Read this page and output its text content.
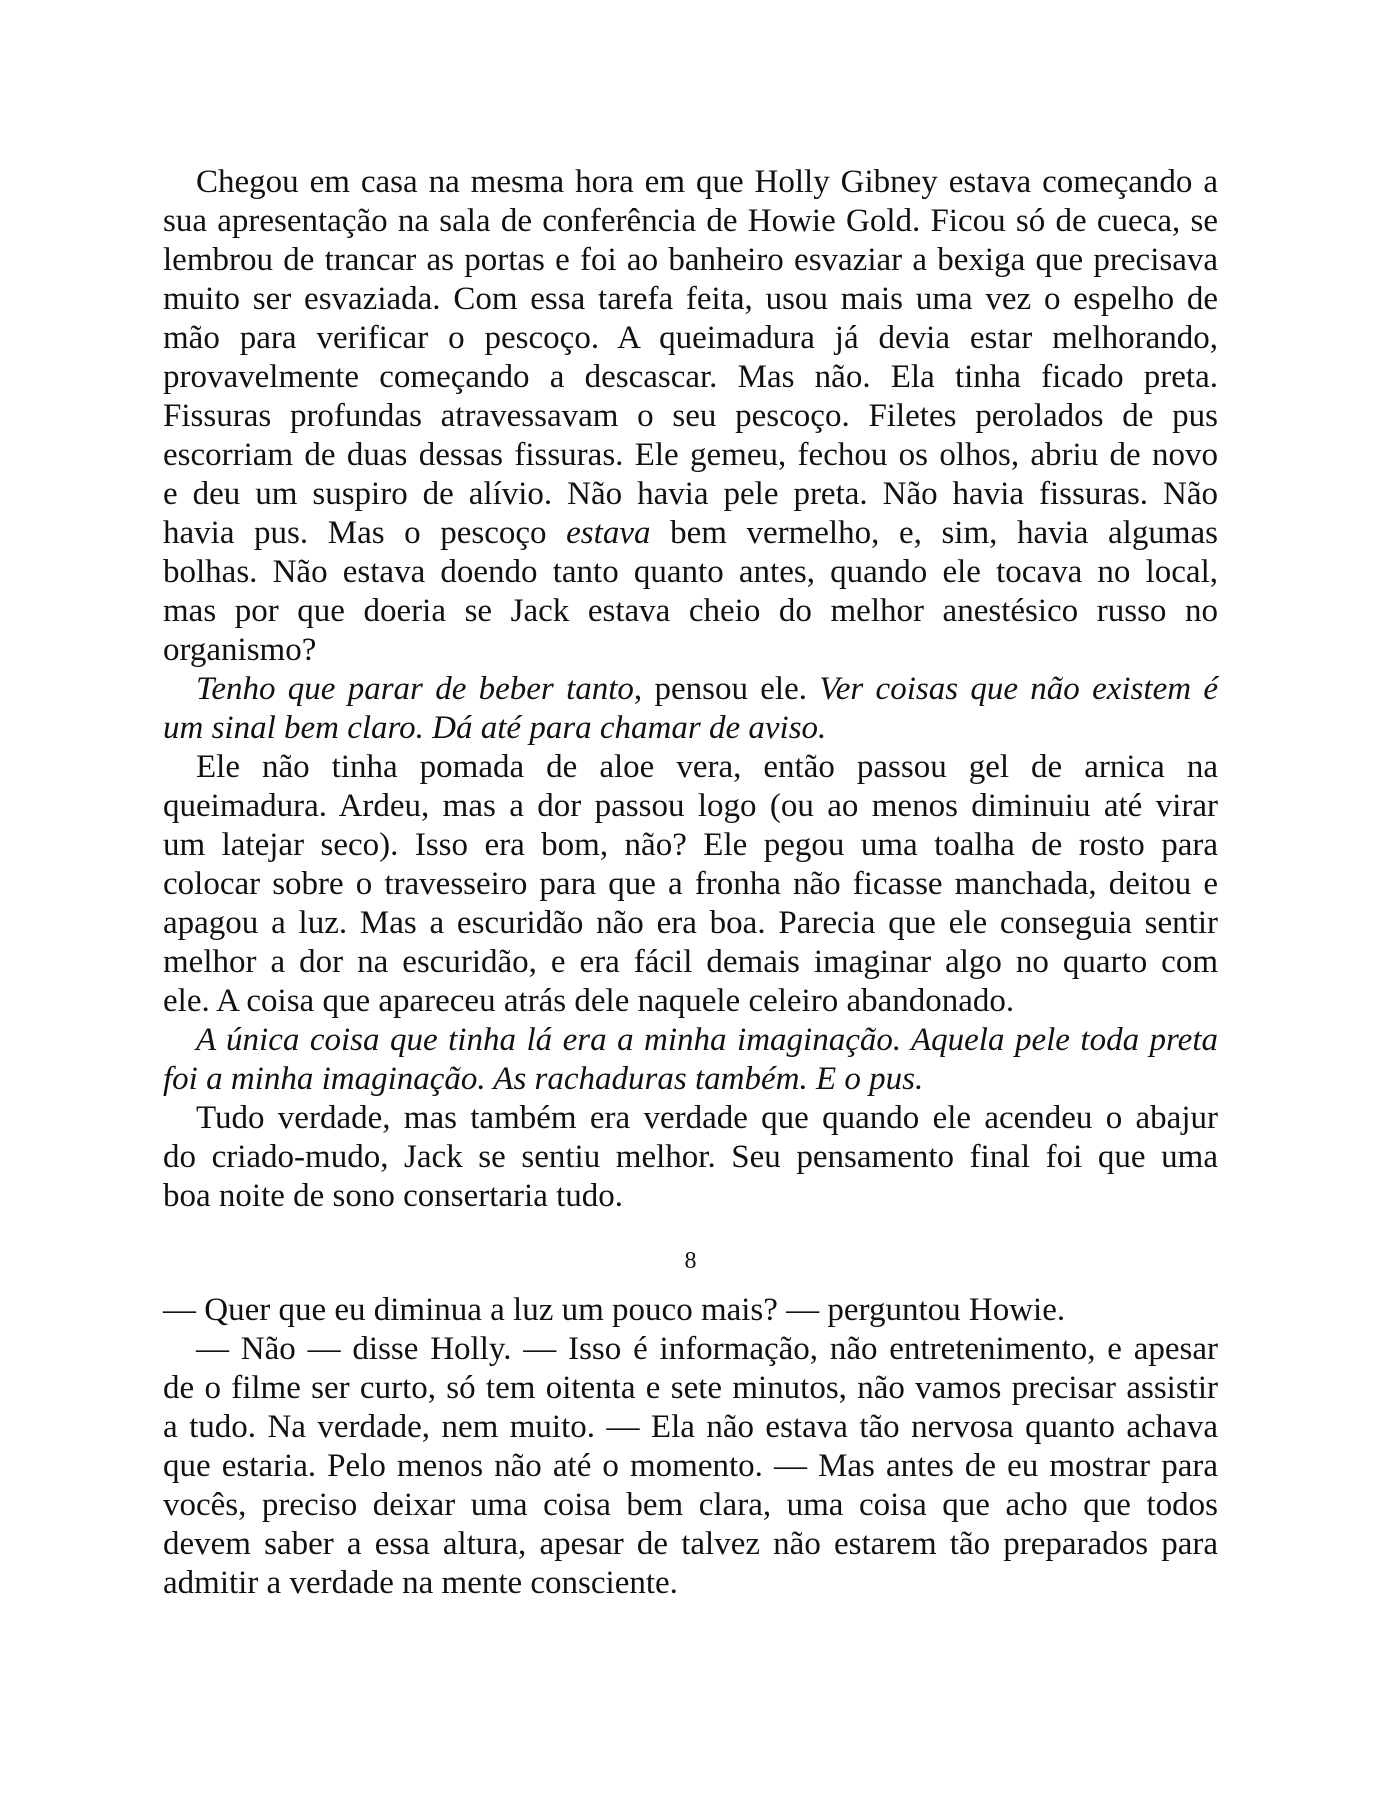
Chegou em casa na mesma hora em que Holly Gibney estava começando a
sua apresentação na sala de conferência de Howie Gold. Ficou só de cueca, se
lembrou de trancar as portas e foi ao banheiro esvaziar a bexiga que precisava
muito ser esvaziada. Com essa tarefa feita, usou mais uma vez o espelho de
mão para verificar o pescoço. A queimadura já devia estar melhorando,
provavelmente começando a descascar. Mas não. Ela tinha ficado preta.
Fissuras profundas atravessavam o seu pescoço. Filetes perolados de pus
escorriam de duas dessas fissuras. Ele gemeu, fechou os olhos, abriu de novo
e deu um suspiro de alívio. Não havia pele preta. Não havia fissuras. Não
havia pus. Mas o pescoço estava bem vermelho, e, sim, havia algumas
bolhas. Não estava doendo tanto quanto antes, quando ele tocava no local,
mas por que doeria se Jack estava cheio do melhor anestésico russo no
organismo?
Tenho que parar de beber tanto, pensou ele. Ver coisas que não existem é
um sinal bem claro. Dá até para chamar de aviso.
Ele não tinha pomada de aloe vera, então passou gel de arnica na
queimadura. Ardeu, mas a dor passou logo (ou ao menos diminuiu até virar
um latejar seco). Isso era bom, não? Ele pegou uma toalha de rosto para
colocar sobre o travesseiro para que a fronha não ficasse manchada, deitou e
apagou a luz. Mas a escuridão não era boa. Parecia que ele conseguia sentir
melhor a dor na escuridão, e era fácil demais imaginar algo no quarto com
ele. A coisa que apareceu atrás dele naquele celeiro abandonado.
A única coisa que tinha lá era a minha imaginação. Aquela pele toda preta
foi a minha imaginação. As rachaduras também. E o pus.
Tudo verdade, mas também era verdade que quando ele acendeu o abajur
do criado-mudo, Jack se sentiu melhor. Seu pensamento final foi que uma
boa noite de sono consertaria tudo.
8
— Quer que eu diminua a luz um pouco mais? — perguntou Howie.
— Não — disse Holly. — Isso é informação, não entretenimento, e apesar
de o filme ser curto, só tem oitenta e sete minutos, não vamos precisar assistir
a tudo. Na verdade, nem muito. — Ela não estava tão nervosa quanto achava
que estaria. Pelo menos não até o momento. — Mas antes de eu mostrar para
vocês, preciso deixar uma coisa bem clara, uma coisa que acho que todos
devem saber a essa altura, apesar de talvez não estarem tão preparados para
admitir a verdade na mente consciente.
